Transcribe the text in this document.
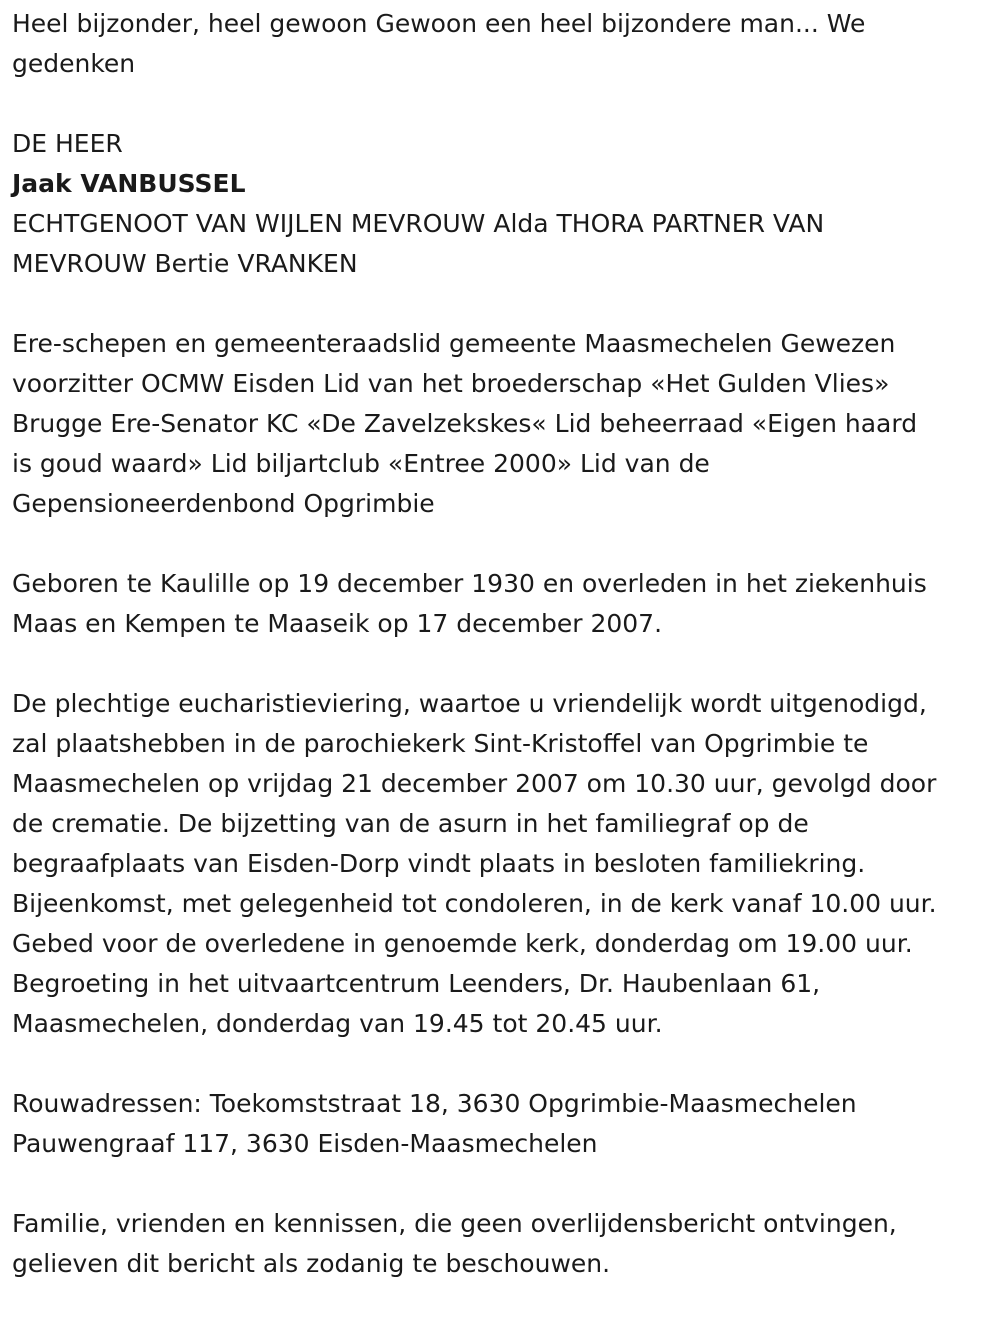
Heel bijzonder, heel gewoon Gewoon een heel bijzondere man... We
gedenken
DE HEER
Jaak VANBUSSEL
ECHTGENOOT VAN WIJLEN MEVROUW Alda THORA PARTNER VAN
MEVROUW Bertie VRANKEN
Ere-schepen en gemeenteraadslid gemeente Maasmechelen Gewezen
voorzitter OCMW Eisden Lid van het broederschap «Het Gulden Vlies»
Brugge Ere-Senator KC «De Zavelzekskes« Lid beheerraad «Eigen haard
is goud waard» Lid biljartclub «Entree 2000» Lid van de
Gepensioneerdenbond Opgrimbie
Geboren te Kaulille op 19 december 1930 en overleden in het ziekenhuis
Maas en Kempen te Maaseik op 17 december 2007.
De plechtige eucharistieviering, waartoe u vriendelijk wordt uitgenodigd,
zal plaatshebben in de parochiekerk Sint-Kristoffel van Opgrimbie te
Maasmechelen op vrijdag 21 december 2007 om 10.30 uur, gevolgd door
de crematie. De bijzetting van de asurn in het familiegraf op de
begraafplaats van Eisden-Dorp vindt plaats in besloten familiekring.
Bijeenkomst, met gelegenheid tot condoleren, in de kerk vanaf 10.00 uur.
Gebed voor de overledene in genoemde kerk, donderdag om 19.00 uur.
Begroeting in het uitvaartcentrum Leenders, Dr. Haubenlaan 61,
Maasmechelen, donderdag van 19.45 tot 20.45 uur.
Rouwadressen: Toekomststraat 18, 3630 Opgrimbie-Maasmechelen
Pauwengraaf 117, 3630 Eisden-Maasmechelen
Familie, vrienden en kennissen, die geen overlijdensbericht ontvingen,
gelieven dit bericht als zodanig te beschouwen.
